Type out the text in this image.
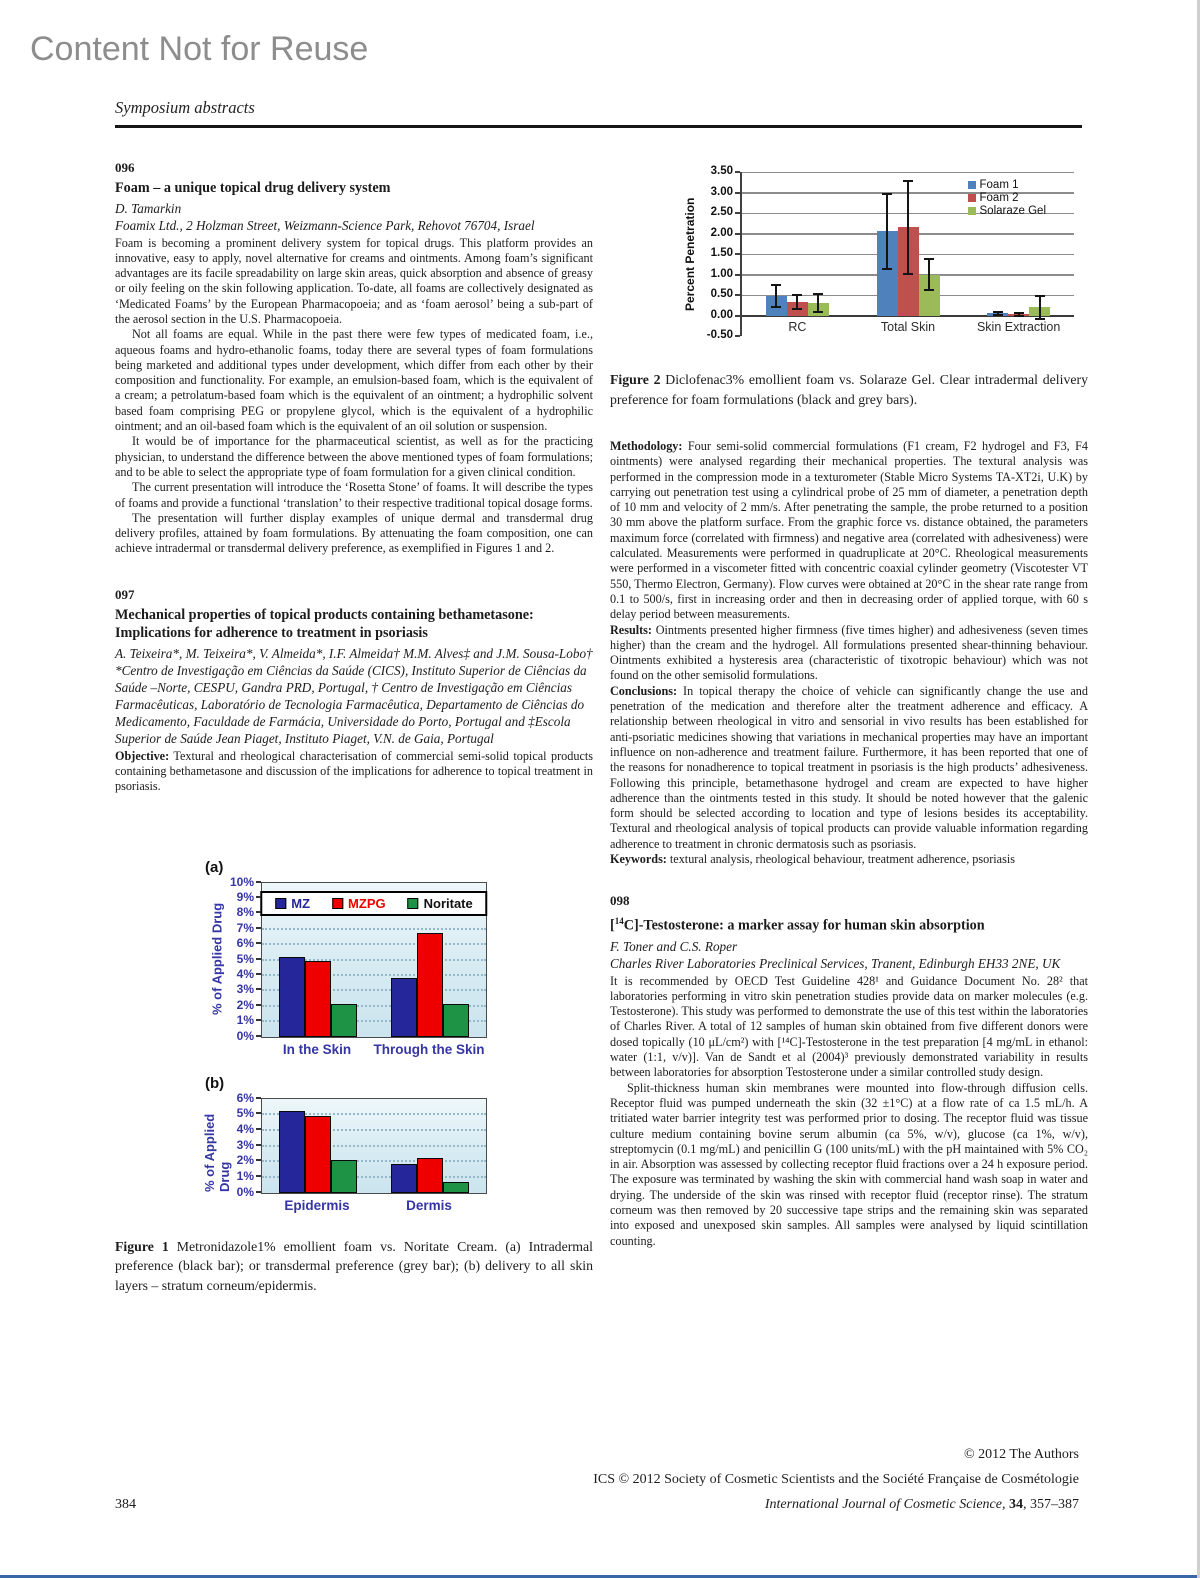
Content Not for Reuse
Symposium abstracts
096
Foam – a unique topical drug delivery system
D. Tamarkin
Foamix Ltd., 2 Holzman Street, Weizmann-Science Park, Rehovot 76704, Israel

Foam is becoming a prominent delivery system for topical drugs. This platform provides an innovative, easy to apply, novel alternative for creams and ointments. Among foam’s significant advantages are its facile spreadability on large skin areas, quick absorption and absence of greasy or oily feeling on the skin following application. To-date, all foams are collectively designated as ‘Medicated Foams’ by the European Pharmacopoeia; and as ‘foam aerosol’ being a sub-part of the aerosol section in the U.S. Pharmacopoeia.

Not all foams are equal. While in the past there were few types of medicated foam, i.e., aqueous foams and hydro-ethanolic foams, today there are several types of foam formulations being marketed and additional types under development, which differ from each other by their composition and functionality. For example, an emulsion-based foam, which is the equivalent of a cream; a petrolatum-based foam which is the equivalent of an ointment; a hydrophilic solvent based foam comprising PEG or propylene glycol, which is the equivalent of a hydrophilic ointment; and an oil-based foam which is the equivalent of an oil solution or suspension.

It would be of importance for the pharmaceutical scientist, as well as for the practicing physician, to understand the difference between the above mentioned types of foam formulations; and to be able to select the appropriate type of foam formulation for a given clinical condition.

The current presentation will introduce the ‘Rosetta Stone’ of foams. It will describe the types of foams and provide a functional ‘translation’ to their respective traditional topical dosage forms.

The presentation will further display examples of unique dermal and transdermal drug delivery profiles, attained by foam formulations. By attenuating the foam composition, one can achieve intradermal or transdermal delivery preference, as exemplified in Figures 1 and 2.

097
Mechanical properties of topical products containing bethametasone: Implications for adherence to treatment in psoriasis
A. Teixeira*, M. Teixeira*, V. Almeida*, I.F. Almeida† M.M. Alves‡ and J.M. Sousa-Lobo†
*Centro de Investigação em Ciências da Saúde (CICS), Instituto Superior de Ciências da Saúde –Norte, CESPU, Gandra PRD, Portugal, † Centro de Investigação em Ciências Farmacêuticas, Laboratório de Tecnologia Farmacêutica, Departamento de Ciências do Medicamento, Faculdade de Farmácia, Universidade do Porto, Portugal and ‡Escola Superior de Saúde Jean Piaget, Instituto Piaget, V.N. de Gaia, Portugal

Objective: Textural and rheological characterisation of commercial semi-solid topical products containing bethametasone and discussion of the implications for adherence to topical treatment in psoriasis.

(a)
% of Applied Drug
0%
1%
2%
3%
4%
5%
6%
7%
8%
9%
10%
MZ	MZPG	Noritate
In the Skin	Through the Skin
(b)
% of Applied Drug 0%
1%
2%
3%
4%
5%
6%
Epidermis	Dermis

Figure 1 Metronidazole1% emollient foam vs. Noritate Cream. (a) Intradermal preference (black bar); or transdermal preference (grey bar); (b) delivery to all skin layers – stratum corneum/epidermis.

Percent Penetration
-0.50
0.00
0.50
1.00
1.50
2.00
2.50
3.00
3.50
RC	Total Skin	Skin Extraction
Foam 1
Foam 2
Solaraze Gel

Figure 2 Diclofenac3% emollient foam vs. Solaraze Gel. Clear intradermal delivery preference for foam formulations (black and grey bars).

Methodology: Four semi-solid commercial formulations (F1 cream, F2 hydrogel and F3, F4 ointments) were analysed regarding their mechanical properties. The textural analysis was performed in the compression mode in a texturometer (Stable Micro Systems TA-XT2i, U.K) by carrying out penetration test using a cylindrical probe of 25 mm of diameter, a penetration depth of 10 mm and velocity of 2 mm/s. After penetrating the sample, the probe returned to a position 30 mm above the platform surface. From the graphic force vs. distance obtained, the parameters maximum force (correlated with firmness) and negative area (correlated with adhesiveness) were calculated. Measurements were performed in quadruplicate at 20°C. Rheological measurements were performed in a viscometer fitted with concentric coaxial cylinder geometry (Viscotester VT 550, Thermo Electron, Germany). Flow curves were obtained at 20°C in the shear rate range from 0.1 to 500/s, first in increasing order and then in decreasing order of applied torque, with 60 s delay period between measurements.

Results: Ointments presented higher firmness (five times higher) and adhesiveness (seven times higher) than the cream and the hydrogel. All formulations presented shear-thinning behaviour. Ointments exhibited a hysteresis area (characteristic of tixotropic behaviour) which was not found on the other semisolid formulations.

Conclusions: In topical therapy the choice of vehicle can significantly change the use and penetration of the medication and therefore alter the treatment adherence and efficacy. A relationship between rheological in vitro and sensorial in vivo results has been established for anti-psoriatic medicines showing that variations in mechanical properties may have an important influence on non-adherence and treatment failure. Furthermore, it has been reported that one of the reasons for nonadherence to topical treatment in psoriasis is the high products’ adhesiveness. Following this principle, betamethasone hydrogel and cream are expected to have higher adherence than the ointments tested in this study. It should be noted however that the galenic form should be selected according to location and type of lesions besides its acceptability. Textural and rheological analysis of topical products can provide valuable information regarding adherence to treatment in chronic dermatosis such as psoriasis.

Keywords: textural analysis, rheological behaviour, treatment adherence, psoriasis

098
[$^{14}$C]-Testosterone: a marker assay for human skin absorption
F. Toner and C.S. Roper
Charles River Laboratories Preclinical Services, Tranent, Edinburgh EH33 2NE, UK

It is recommended by OECD Test Guideline 428¹ and Guidance Document No. 28² that laboratories performing in vitro skin penetration studies provide data on marker molecules (e.g. Testosterone). This study was performed to demonstrate the use of this test within the laboratories of Charles River. A total of 12 samples of human skin obtained from five different donors were dosed topically (10 μL/cm²) with [¹⁴C]-Testosterone in the test preparation [4 mg/mL in ethanol: water (1:1, v/v)]. Van de Sandt et al (2004)³ previously demonstrated variability in results between laboratories for absorption Testosterone under a similar controlled study design.

Split-thickness human skin membranes were mounted into flow-through diffusion cells. Receptor fluid was pumped underneath the skin (32 ±1°C) at a flow rate of ca 1.5 mL/h. A tritiated water barrier integrity test was performed prior to dosing. The receptor fluid was tissue culture medium containing bovine serum albumin (ca 5%, w/v), glucose (ca 1%, w/v), streptomycin (0.1 mg/mL) and penicillin G (100 units/mL) with the pH maintained with 5% CO₂ in air. Absorption was assessed by collecting receptor fluid fractions over a 24 h exposure period. The exposure was terminated by washing the skin with commercial hand wash soap in water and drying. The underside of the skin was rinsed with receptor fluid (receptor rinse). The stratum corneum was then removed by 20 successive tape strips and the remaining skin was separated into exposed and unexposed skin samples. All samples were analysed by liquid scintillation counting.

© 2012 The Authors
ICS © 2012 Society of Cosmetic Scientists and the Société Française de Cosmétologie
384	International Journal of Cosmetic Science, 34, 357–387
